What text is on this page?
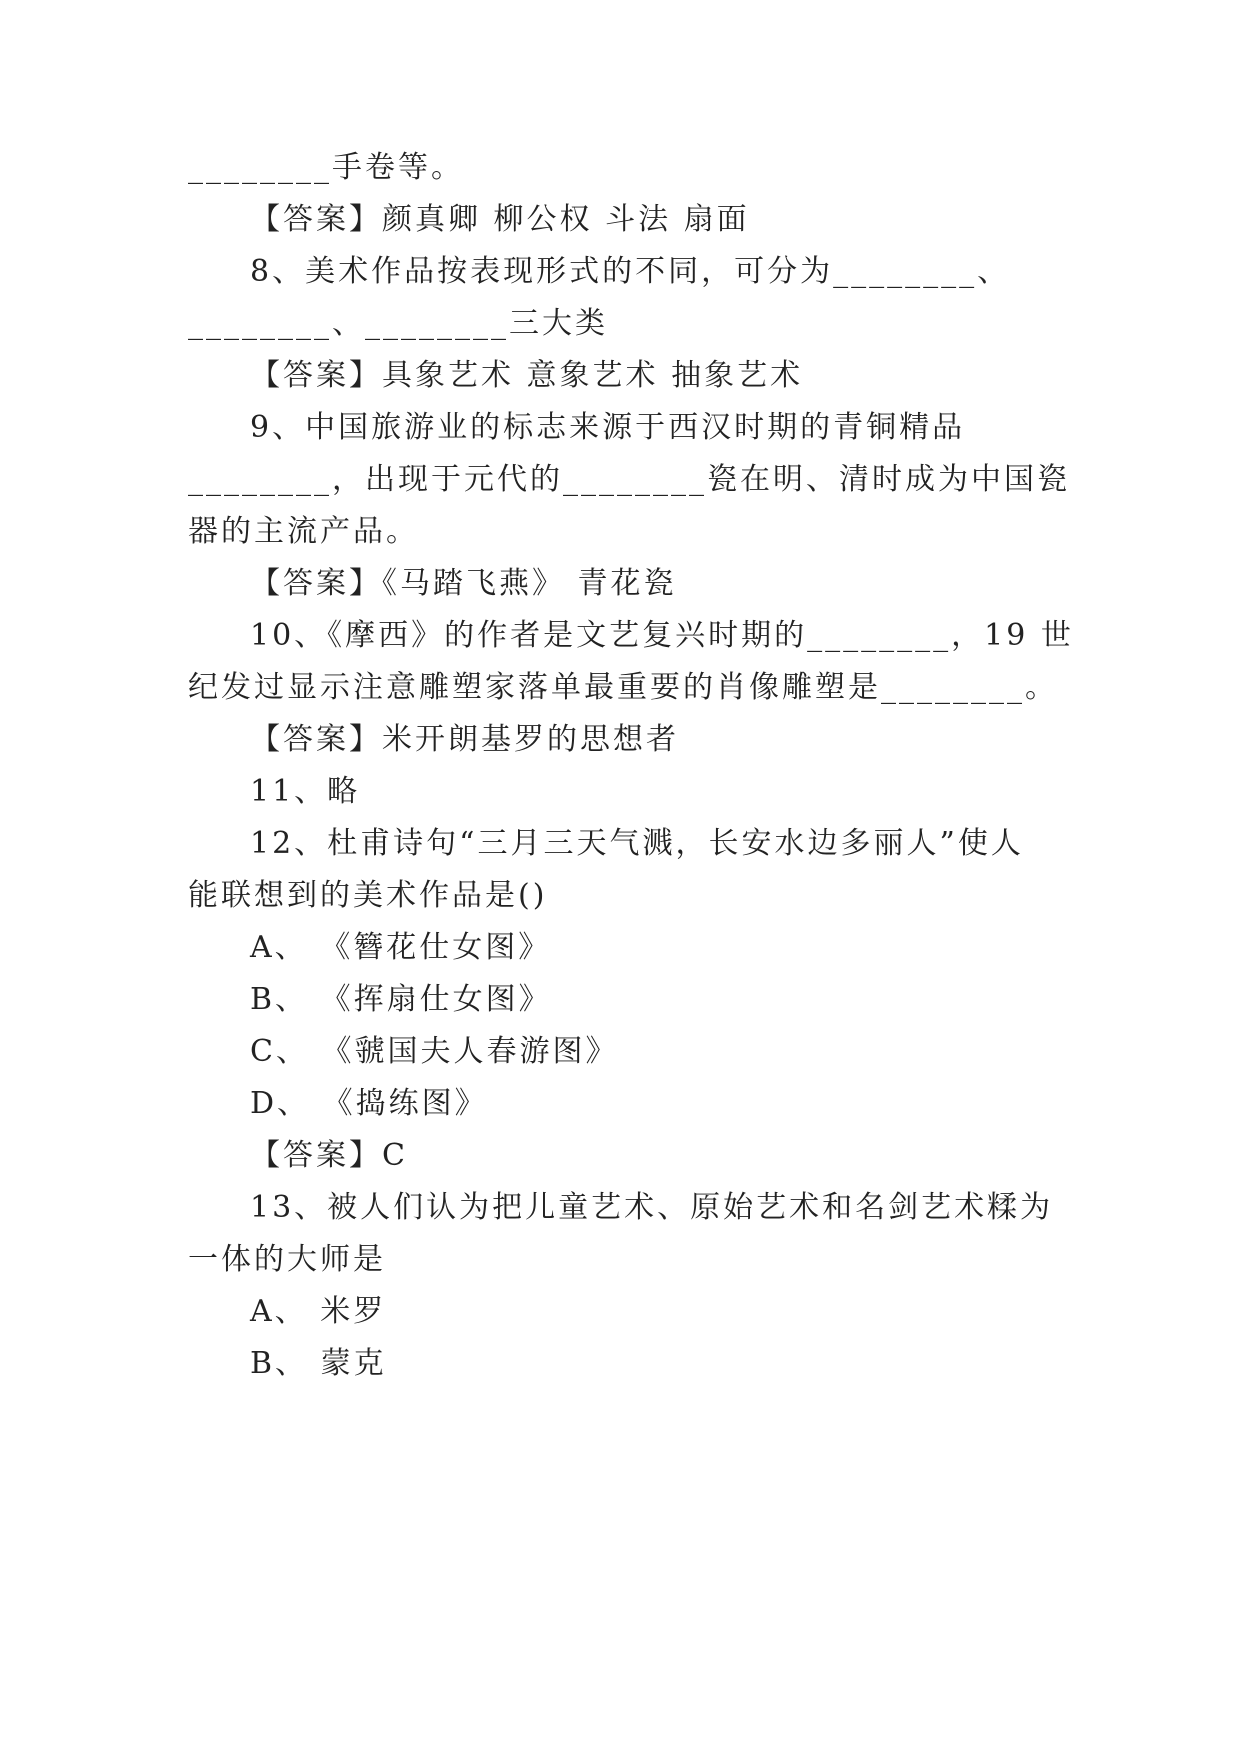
________手卷等。
【答案】颜真卿 柳公权 斗法 扇面
8、美术作品按表现形式的不同，可分为________、
________、________三大类
【答案】具象艺术 意象艺术 抽象艺术
9、中国旅游业的标志来源于西汉时期的青铜精品
________，出现于元代的________瓷在明、清时成为中国瓷
器的主流产品。
【答案】《马踏飞燕》 青花瓷
10、《摩西》的作者是文艺复兴时期的________，19 世
纪发过显示注意雕塑家落单最重要的肖像雕塑是________。
【答案】米开朗基罗的思想者
11、略
12、杜甫诗句“三月三天气溅，长安水边多丽人”使人
能联想到的美术作品是()
A、 《簪花仕女图》
B、 《挥扇仕女图》
C、 《虢国夫人春游图》
D、 《捣练图》
【答案】C
13、被人们认为把儿童艺术、原始艺术和名剑艺术糅为
一体的大师是
A、 米罗
B、 蒙克
